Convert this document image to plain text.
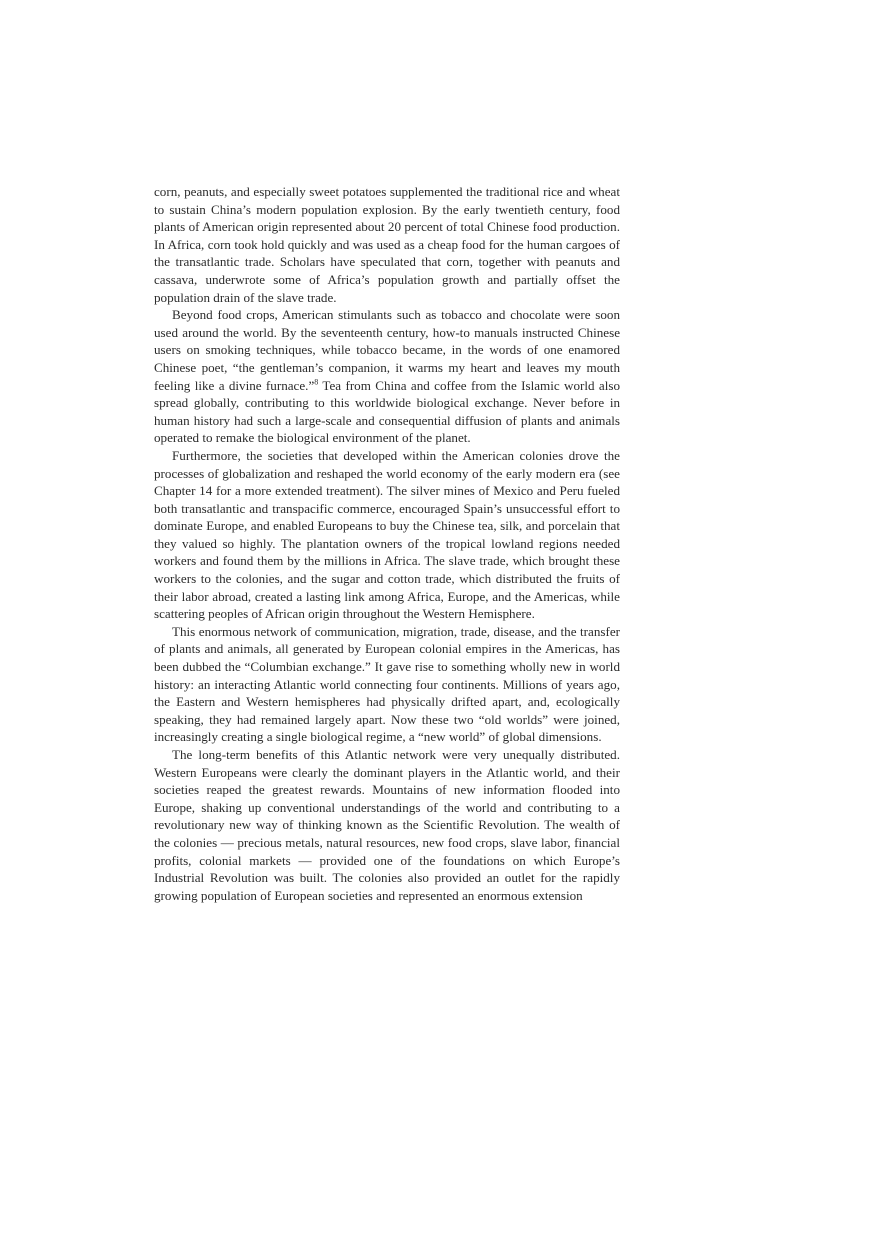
corn, peanuts, and especially sweet potatoes supplemented the traditional rice and wheat to sustain China’s modern population explosion. By the early twentieth century, food plants of American origin represented about 20 percent of total Chinese food production. In Africa, corn took hold quickly and was used as a cheap food for the human cargoes of the transatlantic trade. Scholars have speculated that corn, together with peanuts and cassava, underwrote some of Africa’s population growth and partially offset the population drain of the slave trade.

Beyond food crops, American stimulants such as tobacco and chocolate were soon used around the world. By the seventeenth century, how-to manuals instructed Chinese users on smoking techniques, while tobacco became, in the words of one enamored Chinese poet, “the gentleman’s companion, it warms my heart and leaves my mouth feeling like a divine furnace.”$^8$ Tea from China and coffee from the Islamic world also spread globally, contributing to this worldwide biological exchange. Never before in human history had such a large-scale and consequential diffusion of plants and animals operated to remake the biological environment of the planet.

Furthermore, the societies that developed within the American colonies drove the processes of globalization and reshaped the world economy of the early modern era (see Chapter 14 for a more extended treatment). The silver mines of Mexico and Peru fueled both transatlantic and transpacific commerce, encouraged Spain’s unsuccessful effort to dominate Europe, and enabled Europeans to buy the Chinese tea, silk, and porcelain that they valued so highly. The plantation owners of the tropical lowland regions needed workers and found them by the millions in Africa. The slave trade, which brought these workers to the colonies, and the sugar and cotton trade, which distributed the fruits of their labor abroad, created a lasting link among Africa, Europe, and the Americas, while scattering peoples of African origin throughout the Western Hemisphere.

This enormous network of communication, migration, trade, disease, and the transfer of plants and animals, all generated by European colonial empires in the Americas, has been dubbed the “Columbian exchange.” It gave rise to something wholly new in world history: an interacting Atlantic world connecting four continents. Millions of years ago, the Eastern and Western hemispheres had physically drifted apart, and, ecologically speaking, they had remained largely apart. Now these two “old worlds” were joined, increasingly creating a single biological regime, a “new world” of global dimensions.

The long-term benefits of this Atlantic network were very unequally distributed. Western Europeans were clearly the dominant players in the Atlantic world, and their societies reaped the greatest rewards. Mountains of new information flooded into Europe, shaking up conventional understandings of the world and contributing to a revolutionary new way of thinking known as the Scientific Revolution. The wealth of the colonies — precious metals, natural resources, new food crops, slave labor, financial profits, colonial markets — provided one of the foundations on which Europe’s Industrial Revolution was built. The colonies also provided an outlet for the rapidly growing population of European societies and represented an enormous extension
